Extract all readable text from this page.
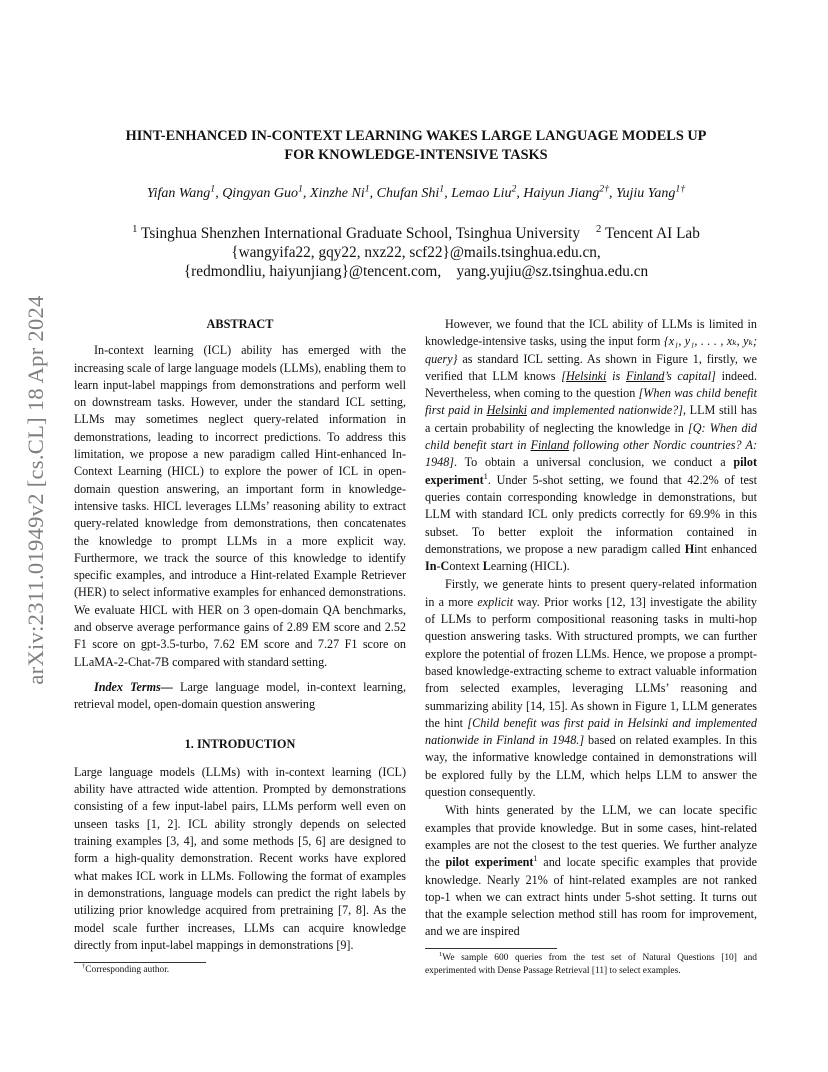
arXiv:2311.01949v2 [cs.CL] 18 Apr 2024
HINT-ENHANCED IN-CONTEXT LEARNING WAKES LARGE LANGUAGE MODELS UP
FOR KNOWLEDGE-INTENSIVE TASKS
Yifan Wang$^1$, Qingyan Guo$^1$, Xinzhe Ni$^1$, Chufan Shi$^1$, Lemao Liu$^2$, Haiyun Jiang$^{2\dagger}$, Yujiu Yang$^{1\dagger}$
$^1$ Tsinghua Shenzhen International Graduate School, Tsinghua University $^2$ Tencent AI Lab
{wangyifa22, gqy22, nxz22, scf22}@mails.tsinghua.edu.cn,
{redmondliu, haiyunjiang}@tencent.com, yang.yujiu@sz.tsinghua.edu.cn

ABSTRACT

In-context learning (ICL) ability has emerged with the increasing scale of large language models (LLMs), enabling them to learn input-label mappings from demonstrations and perform well on downstream tasks. However, under the standard ICL setting, LLMs may sometimes neglect query-related information in demonstrations, leading to incorrect predictions. To address this limitation, we propose a new paradigm called Hint-enhanced In-Context Learning (HICL) to explore the power of ICL in open-domain question answering, an important form in knowledge-intensive tasks. HICL leverages LLMs’ reasoning ability to extract query-related knowledge from demonstrations, then concatenates the knowledge to prompt LLMs in a more explicit way. Furthermore, we track the source of this knowledge to identify specific examples, and introduce a Hint-related Example Retriever (HER) to select informative examples for enhanced demonstrations. We evaluate HICL with HER on 3 open-domain QA benchmarks, and observe average performance gains of 2.89 EM score and 2.52 F1 score on gpt-3.5-turbo, 7.62 EM score and 7.27 F1 score on LLaMA-2-Chat-7B compared with standard setting.

Index Terms— Large language model, in-context learning, retrieval model, open-domain question answering

1. INTRODUCTION

Large language models (LLMs) with in-context learning (ICL) ability have attracted wide attention. Prompted by demonstrations consisting of a few input-label pairs, LLMs perform well even on unseen tasks [1, 2]. ICL ability strongly depends on selected training examples [3, 4], and some methods [5, 6] are designed to form a high-quality demonstration. Recent works have explored what makes ICL work in LLMs. Following the format of examples in demonstrations, language models can predict the right labels by utilizing prior knowledge acquired from pretraining [7, 8]. As the model scale further increases, LLMs can acquire knowledge directly from input-label mappings in demonstrations [9].

†Corresponding author.

However, we found that the ICL ability of LLMs is limited in knowledge-intensive tasks, using the input form {x₁, y₁, . . . , xₖ, yₖ; query} as standard ICL setting. As shown in Figure 1, firstly, we verified that LLM knows [Helsinki is Finland’s capital] indeed. Nevertheless, when coming to the question [When was child benefit first paid in Helsinki and implemented nationwide?], LLM still has a certain probability of neglecting the knowledge in [Q: When did child benefit start in Finland following other Nordic countries? A: 1948]. To obtain a universal conclusion, we conduct a pilot experiment$^1$. Under 5-shot setting, we found that 42.2% of test queries contain corresponding knowledge in demonstrations, but LLM with standard ICL only predicts correctly for 69.9% in this subset. To better exploit the information contained in demonstrations, we propose a new paradigm called Hint enhanced In-Context Learning (HICL).

Firstly, we generate hints to present query-related information in a more explicit way. Prior works [12, 13] investigate the ability of LLMs to perform compositional reasoning tasks in multi-hop question answering tasks. With structured prompts, we can further explore the potential of frozen LLMs. Hence, we propose a prompt-based knowledge-extracting scheme to extract valuable information from selected examples, leveraging LLMs’ reasoning and summarizing ability [14, 15]. As shown in Figure 1, LLM generates the hint [Child benefit was first paid in Helsinki and implemented nationwide in Finland in 1948.] based on related examples. In this way, the informative knowledge contained in demonstrations will be explored fully by the LLM, which helps LLM to answer the question consequently.

With hints generated by the LLM, we can locate specific examples that provide knowledge. But in some cases, hint-related examples are not the closest to the test queries. We further analyze the pilot experiment$^1$ and locate specific examples that provide knowledge. Nearly 21% of hint-related examples are not ranked top-1 when we can extract hints under 5-shot setting. It turns out that the example selection method still has room for improvement, and we are inspired

$^1$We sample 600 queries from the test set of Natural Questions [10] and experimented with Dense Passage Retrieval [11] to select examples.
